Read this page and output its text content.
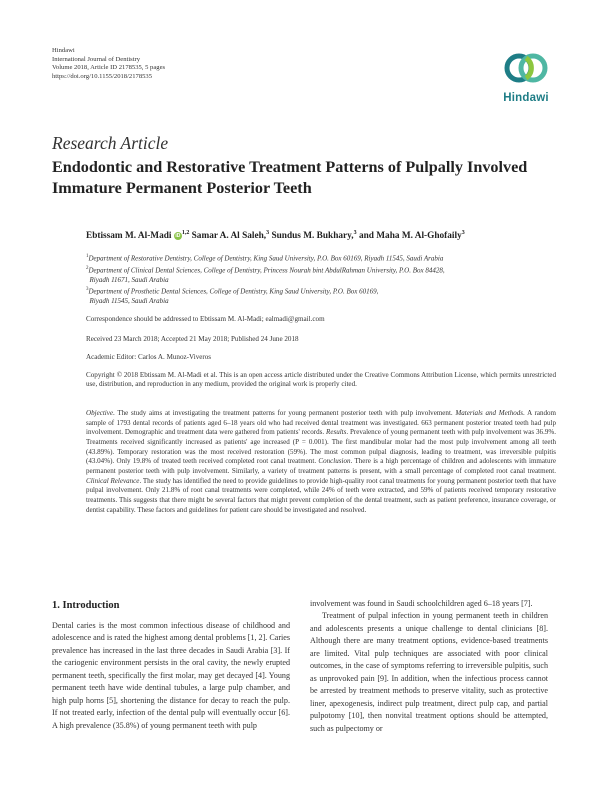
Hindawi
International Journal of Dentistry
Volume 2018, Article ID 2178535, 5 pages
https://doi.org/10.1155/2018/2178535
Hindawi
Research Article
Endodontic and Restorative Treatment Patterns of Pulpally Involved Immature Permanent Posterior Teeth
Ebtissam M. Al-Madi iD$^{1,2}$ Samar A. Al Saleh,$^3$ Sundus M. Bukhary,$^3$ and Maha M. Al-Ghofaily$^3$
$^1$Department of Restorative Dentistry, College of Dentistry, King Saud University, P.O. Box 60169, Riyadh 11545, Saudi Arabia
$^2$Department of Clinical Dental Sciences, College of Dentistry, Princess Nourah bint AbdulRahman University, P.O. Box 84428,
Riyadh 11671, Saudi Arabia
$^3$Department of Prosthetic Dental Sciences, College of Dentistry, King Saud University, P.O. Box 60169,
Riyadh 11545, Saudi Arabia
Correspondence should be addressed to Ebtissam M. Al-Madi; ealmadi@gmail.com
Received 23 March 2018; Accepted 21 May 2018; Published 24 June 2018
Academic Editor: Carlos A. Munoz-Viveros
Copyright © 2018 Ebtissam M. Al-Madi et al. This is an open access article distributed under the Creative Commons Attribution License, which permits unrestricted use, distribution, and reproduction in any medium, provided the original work is properly cited.
Objective. The study aims at investigating the treatment patterns for young permanent posterior teeth with pulp involvement. Materials and Methods. A random sample of 1793 dental records of patients aged 6–18 years old who had received dental treatment was investigated. 663 permanent posterior treated teeth had pulp involvement. Demographic and treatment data were gathered from patients' records. Results. Prevalence of young permanent teeth with pulp involvement was 36.9%. Treatments received significantly increased as patients' age increased (P = 0.001). The first mandibular molar had the most pulp involvement among all teeth (43.89%). Temporary restoration was the most received restoration (59%). The most common pulpal diagnosis, leading to treatment, was irreversible pulpitis (43.04%). Only 19.8% of treated teeth received completed root canal treatment. Conclusion. There is a high percentage of children and adolescents with immature permanent posterior teeth with pulp involvement. Similarly, a variety of treatment patterns is present, with a small percentage of completed root canal treatment. Clinical Relevance. The study has identified the need to provide guidelines to provide high-quality root canal treatments for young permanent posterior teeth that have pulpal involvement. Only 21.8% of root canal treatments were completed, while 24% of teeth were extracted, and 59% of patients received temporary restorative treatments. This suggests that there might be several factors that might prevent completion of the dental treatment, such as patient preference, insurance coverage, or dentist capability. These factors and guidelines for patient care should be investigated and resolved.
1. Introduction

Dental caries is the most common infectious disease of childhood and adolescence and is rated the highest among dental problems [1, 2]. Caries prevalence has increased in the last three decades in Saudi Arabia [3]. If the cariogenic environment persists in the oral cavity, the newly erupted permanent teeth, specifically the first molar, may get decayed [4]. Young permanent teeth have wide dentinal tubules, a large pulp chamber, and high pulp horns [5], shortening the distance for decay to reach the pulp. If not treated early, infection of the dental pulp will eventually occur [6]. A high prevalence (35.8%) of young permanent teeth with pulp

involvement was found in Saudi schoolchildren aged 6–18 years [7].

Treatment of pulpal infection in young permanent teeth in children and adolescents presents a unique challenge to dental clinicians [8]. Although there are many treatment options, evidence-based treatments are limited. Vital pulp techniques are associated with poor clinical outcomes, in the case of symptoms referring to irreversible pulpitis, such as unprovoked pain [9]. In addition, when the infectious process cannot be arrested by treatment methods to preserve vitality, such as protective liner, apexogenesis, indirect pulp treatment, direct pulp cap, and partial pulpotomy [10], then nonvital treatment options should be attempted, such as pulpectomy or
